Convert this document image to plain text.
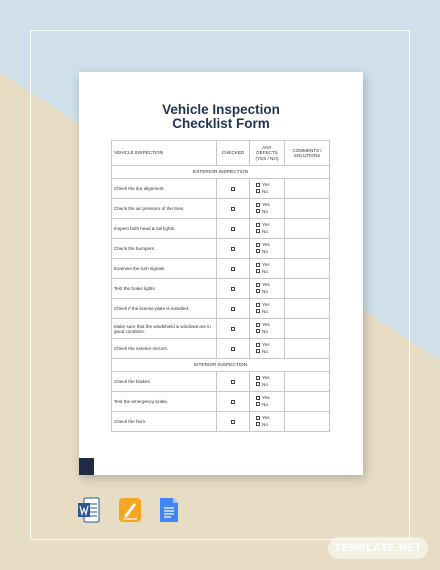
Vehicle Inspection
Checklist Form
VEHICLE INSPECTION	CHECKED	ANY DEFECTS (YES / NO)	COMMENTS / SOLUTIONS
EXTERIOR INSPECTION			
Check the tire alignment.		Yes
No	

Check the air pressure of the tires.		Yes
No	

Inspect both head & tail lights.		Yes
No	

Check the bumpers.		Yes
No	

Examine the turn signals.		Yes
No	

Test the brake lights.		Yes
No	

Check if the license plate is installed.		Yes
No	

Make sure that the windshield & windows are in good condition.		Yes
No	

Check the exterior mirrors.		Yes
No	

INTERIOR INSPECTION			
Check the brakes.		Yes
No	

Test the emergency brake.		Yes
No	

Check the horn.		Yes
No	

TEMPLATE.NET
